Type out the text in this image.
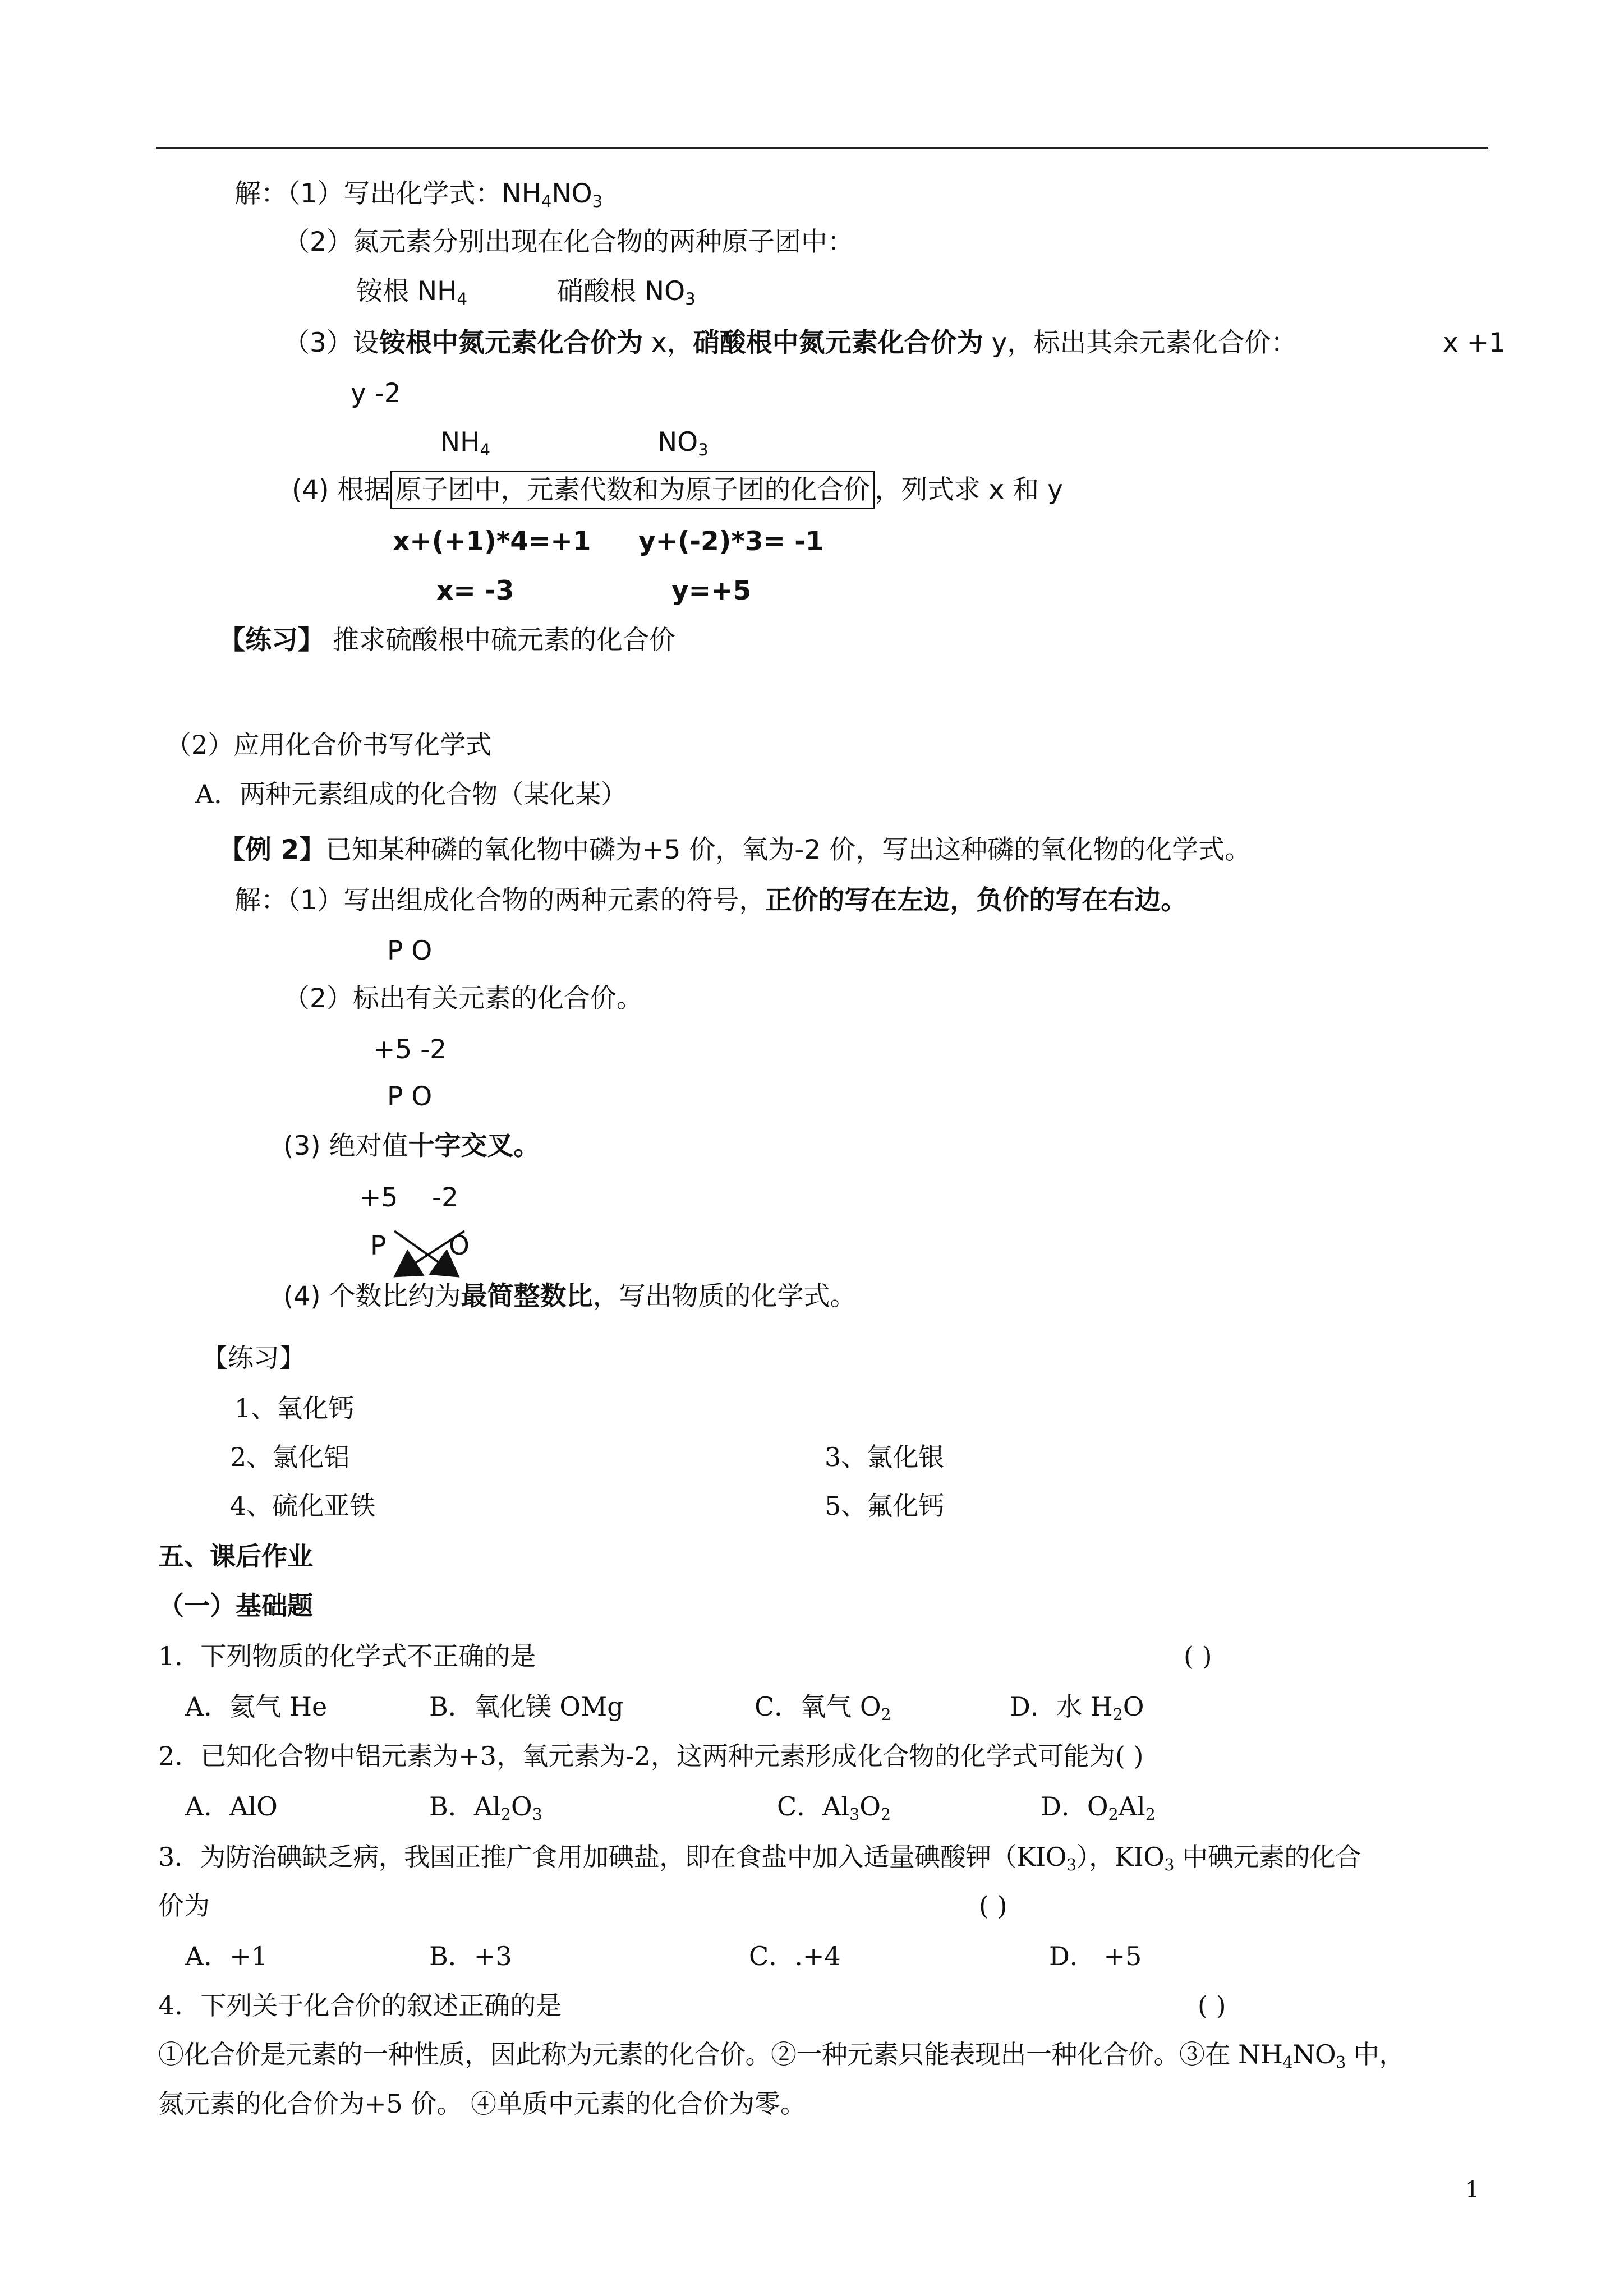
解：（1）写出化学式：$NH_4NO_3$
（2）氮元素分别出现在化合物的两种原子团中：
铵根 $NH_4$	硝酸根 $NO_3$
（3）设铵根中氮元素化合价为 x，硝酸根中氮元素化合价为 y，标出其余元素化合价：	x +1
y -2
$NH_4$	$NO_3$
(4) 根据 原子团中，元素代数和为原子团的化合价 ，列式求 x 和 y
x+(+1)*4=+1 y+(-2)*3= -1
x= -3	y=+5
【练习】 推求硫酸根中硫元素的化合价
（2）应用化合价书写化学式
A．两种元素组成的化合物（某化某）
【例 2】已知某种磷的氧化物中磷为+5 价，氧为-2 价，写出这种磷的氧化物的化学式。
解：（1）写出组成化合物的两种元素的符号，正价的写在左边，负价的写在右边。
P O
（2）标出有关元素的化合价。
+5 -2
P O
(3) 绝对值十字交叉。
+5 -2
P O
(4) 个数比约为最简整数比，写出物质的化学式。
【练习】
1、氧化钙
2、氯化铝	3、氯化银
4、硫化亚铁	5、氟化钙
五、课后作业
（一）基础题
1．下列物质的化学式不正确的是	( )
A．氦气 He	B．氧化镁 OMg	C．氧气 $O_2$	D．水 $H_2O$
2．已知化合物中铝元素为+3，氧元素为-2，这两种元素形成化合物的化学式可能为( )
A．AlO	B．$Al_2O_3$	C．$Al_3O_2$	D．$O_2Al_2$
3．为防治碘缺乏病，我国正推广食用加碘盐，即在食盐中加入适量碘酸钾$(KIO_3)$，$KIO_3$ 中碘元素的化合
价为	( )
A．+1	B．+3	C．.+4	D． +5
4．下列关于化合价的叙述正确的是	( )
①化合价是元素的一种性质，因此称为元素的化合价。②一种元素只能表现出一种化合价。③在 $NH_4NO_3$ 中，
氮元素的化合价为+5 价。 ④单质中元素的化合价为零。
1
